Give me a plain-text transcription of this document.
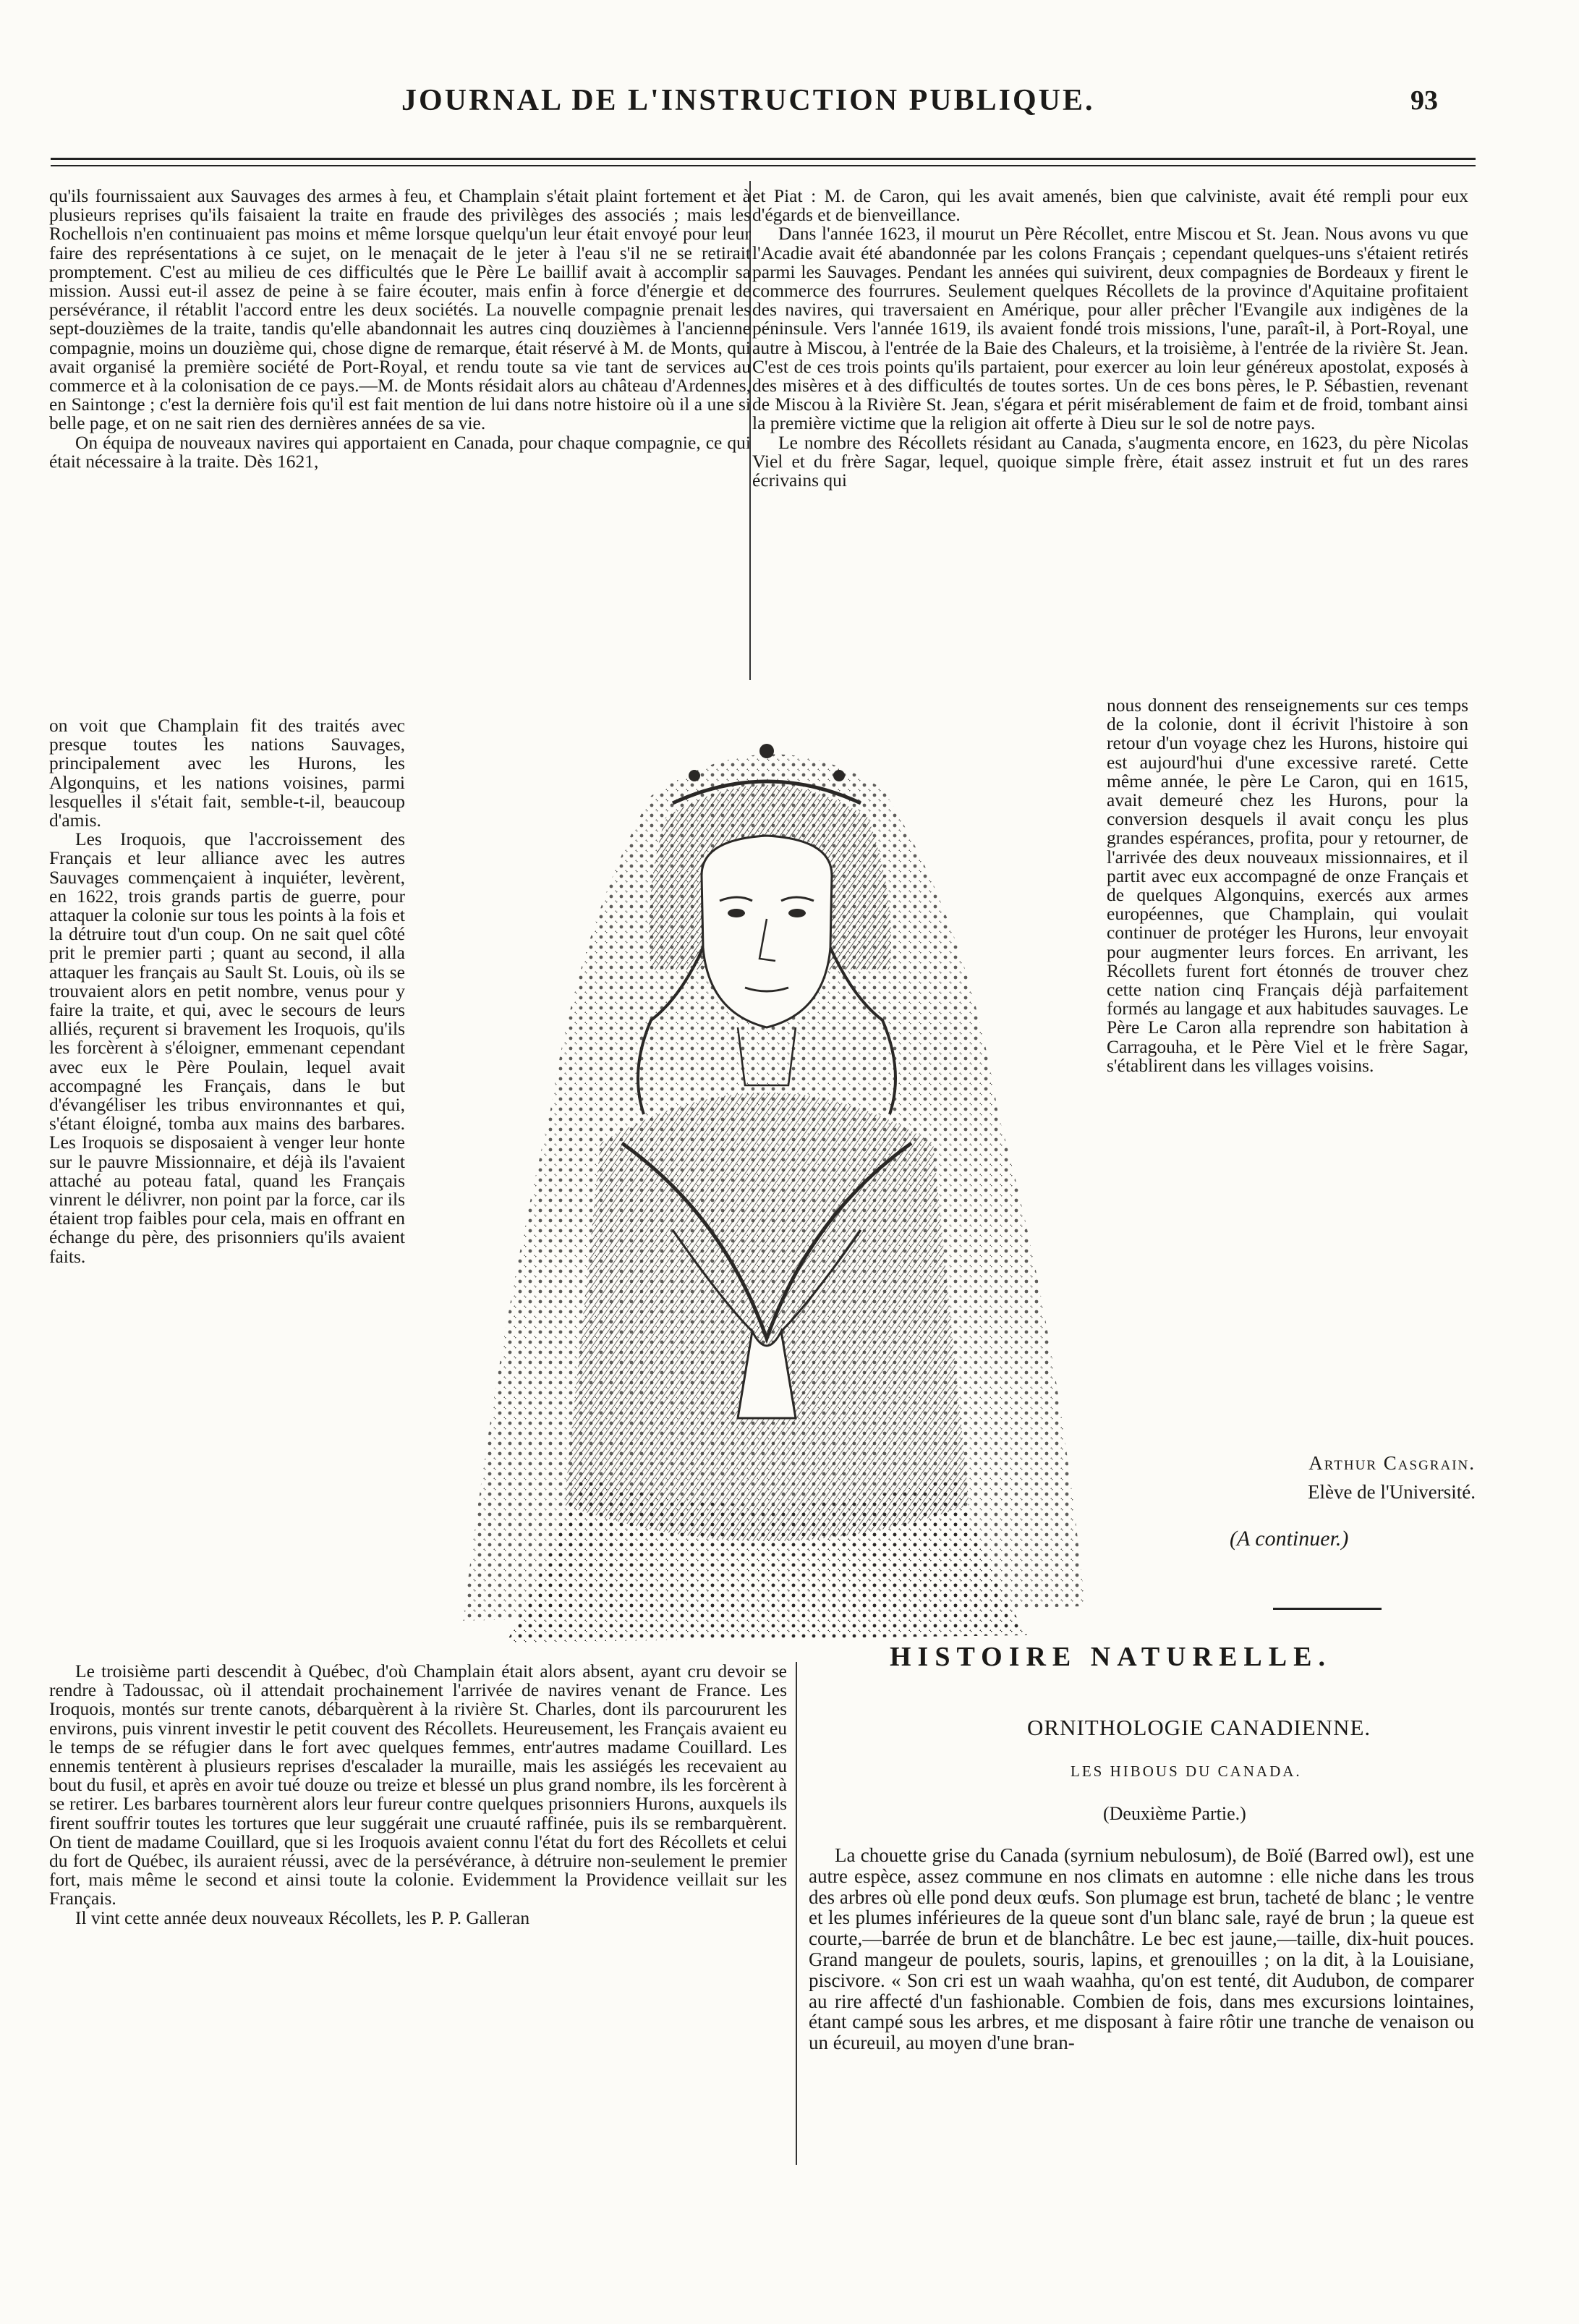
JOURNAL DE L'INSTRUCTION PUBLIQUE.	93

qu'ils fournissaient aux Sauvages des armes à feu, et Champlain s'était plaint fortement et à plusieurs reprises qu'ils faisaient la traite en fraude des privilèges des associés ; mais les Rochellois n'en continuaient pas moins et même lorsque quelqu'un leur était envoyé pour leur faire des représentations à ce sujet, on le menaçait de le jeter à l'eau s'il ne se retirait promptement. C'est au milieu de ces difficultés que le Père Le baillif avait à accomplir sa mission. Aussi eut-il assez de peine à se faire écouter, mais enfin à force d'énergie et de persévérance, il rétablit l'accord entre les deux sociétés. La nouvelle compagnie prenait les sept-douzièmes de la traite, tandis qu'elle abandonnait les autres cinq douzièmes à l'ancienne compagnie, moins un douzième qui, chose digne de remarque, était réservé à M. de Monts, qui avait organisé la première société de Port-Royal, et rendu toute sa vie tant de services au commerce et à la colonisation de ce pays.—M. de Monts résidait alors au château d'Ardennes, en Saintonge ; c'est la dernière fois qu'il est fait mention de lui dans notre histoire où il a une si belle page, et on ne sait rien des dernières années de sa vie.

On équipa de nouveaux navires qui apportaient en Canada, pour chaque compagnie, ce qui était nécessaire à la traite. Dès 1621,

on voit que Champlain fit des traités avec presque toutes les nations Sauvages, principalement avec les Hurons, les Algonquins, et les nations voisines, parmi lesquelles il s'était fait, semble-t-il, beaucoup d'amis.

Les Iroquois, que l'accroissement des Français et leur alliance avec les autres Sauvages commençaient à inquiéter, levèrent, en 1622, trois grands partis de guerre, pour attaquer la colonie sur tous les points à la fois et la détruire tout d'un coup. On ne sait quel côté prit le premier parti ; quant au second, il alla attaquer les français au Sault St. Louis, où ils se trouvaient alors en petit nombre, venus pour y faire la traite, et qui, avec le secours de leurs alliés, reçurent si bravement les Iroquois, qu'ils les forcèrent à s'éloigner, emmenant cependant avec eux le Père Poulain, lequel avait accompagné les Français, dans le but d'évangéliser les tribus environnantes et qui, s'étant éloigné, tomba aux mains des barbares. Les Iroquois se disposaient à venger leur honte sur le pauvre Missionnaire, et déjà ils l'avaient attaché au poteau fatal, quand les Français vinrent le délivrer, non point par la force, car ils étaient trop faibles pour cela, mais en offrant en échange du père, des prisonniers qu'ils avaient faits.

Le troisième parti descendit à Québec, d'où Champlain était alors absent, ayant cru devoir se rendre à Tadoussac, où il attendait prochainement l'arrivée de navires venant de France. Les Iroquois, montés sur trente canots, débarquèrent à la rivière St. Charles, dont ils parcoururent les environs, puis vinrent investir le petit couvent des Récollets. Heureusement, les Français avaient eu le temps de se réfugier dans le fort avec quelques femmes, entr'autres madame Couillard. Les ennemis tentèrent à plusieurs reprises d'escalader la muraille, mais les assiégés les recevaient au bout du fusil, et après en avoir tué douze ou treize et blessé un plus grand nombre, ils les forcèrent à se retirer. Les barbares tournèrent alors leur fureur contre quelques prisonniers Hurons, auxquels ils firent souffrir toutes les tortures que leur suggérait une cruauté raffinée, puis ils se rembarquèrent. On tient de madame Couillard, que si les Iroquois avaient connu l'état du fort des Récollets et celui du fort de Québec, ils auraient réussi, avec de la persévérance, à détruire non-seulement le premier fort, mais même le second et ainsi toute la colonie. Evidemment la Providence veillait sur les Français.

Il vint cette année deux nouveaux Récollets, les P. P. Galleran

et Piat : M. de Caron, qui les avait amenés, bien que calviniste, avait été rempli pour eux d'égards et de bienveillance.

Dans l'année 1623, il mourut un Père Récollet, entre Miscou et St. Jean. Nous avons vu que l'Acadie avait été abandonnée par les colons Français ; cependant quelques-uns s'étaient retirés parmi les Sauvages. Pendant les années qui suivirent, deux compagnies de Bordeaux y firent le commerce des fourrures. Seulement quelques Récollets de la province d'Aquitaine profitaient des navires, qui traversaient en Amérique, pour aller prêcher l'Evangile aux indigènes de la péninsule. Vers l'année 1619, ils avaient fondé trois missions, l'une, paraît-il, à Port-Royal, une autre à Miscou, à l'entrée de la Baie des Chaleurs, et la troisième, à l'entrée de la rivière St. Jean. C'est de ces trois points qu'ils partaient, pour exercer au loin leur généreux apostolat, exposés à des misères et à des difficultés de toutes sortes. Un de ces bons pères, le P. Sébastien, revenant de Miscou à la Rivière St. Jean, s'égara et périt misérablement de faim et de froid, tombant ainsi la première victime que la religion ait offerte à Dieu sur le sol de notre pays.

Le nombre des Récollets résidant au Canada, s'augmenta encore, en 1623, du père Nicolas Viel et du frère Sagar, lequel, quoique simple frère, était assez instruit et fut un des rares écrivains qui

nous donnent des renseignements sur ces temps de la colonie, dont il écrivit l'histoire à son retour d'un voyage chez les Hurons, histoire qui est aujourd'hui d'une excessive rareté. Cette même année, le père Le Caron, qui en 1615, avait demeuré chez les Hurons, pour la conversion desquels il avait conçu les plus grandes espérances, profita, pour y retourner, de l'arrivée des deux nouveaux missionnaires, et il partit avec eux accompagné de onze Français et de quelques Algonquins, exercés aux armes européennes, que Champlain, qui voulait continuer de protéger les Hurons, leur envoyait pour augmenter leurs forces. En arrivant, les Récollets furent fort étonnés de trouver chez cette nation cinq Français déjà parfaitement formés au langage et aux habitudes sauvages. Le Père Le Caron alla reprendre son habitation à Carragouha, et le Père Viel et le frère Sagar, s'établirent dans les villages voisins.

Arthur Casgrain.
Elève de l'Université.
(A continuer.)
HISTOIRE NATURELLE.
ORNITHOLOGIE CANADIENNE.
LES HIBOUS DU CANADA.
(Deuxième Partie.)

La chouette grise du Canada (syrnium nebulosum), de Boïé (Barred owl), est une autre espèce, assez commune en nos climats en automne : elle niche dans les trous des arbres où elle pond deux œufs. Son plumage est brun, tacheté de blanc ; le ventre et les plumes inférieures de la queue sont d'un blanc sale, rayé de brun ; la queue est courte,—barrée de brun et de blanchâtre. Le bec est jaune,—taille, dix-huit pouces. Grand mangeur de poulets, souris, lapins, et grenouilles ; on la dit, à la Louisiane, piscivore. « Son cri est un waah waahha, qu'on est tenté, dit Audubon, de comparer au rire affecté d'un fashionable. Combien de fois, dans mes excursions lointaines, étant campé sous les arbres, et me disposant à faire rôtir une tranche de venaison ou un écureuil, au moyen d'une bran-
